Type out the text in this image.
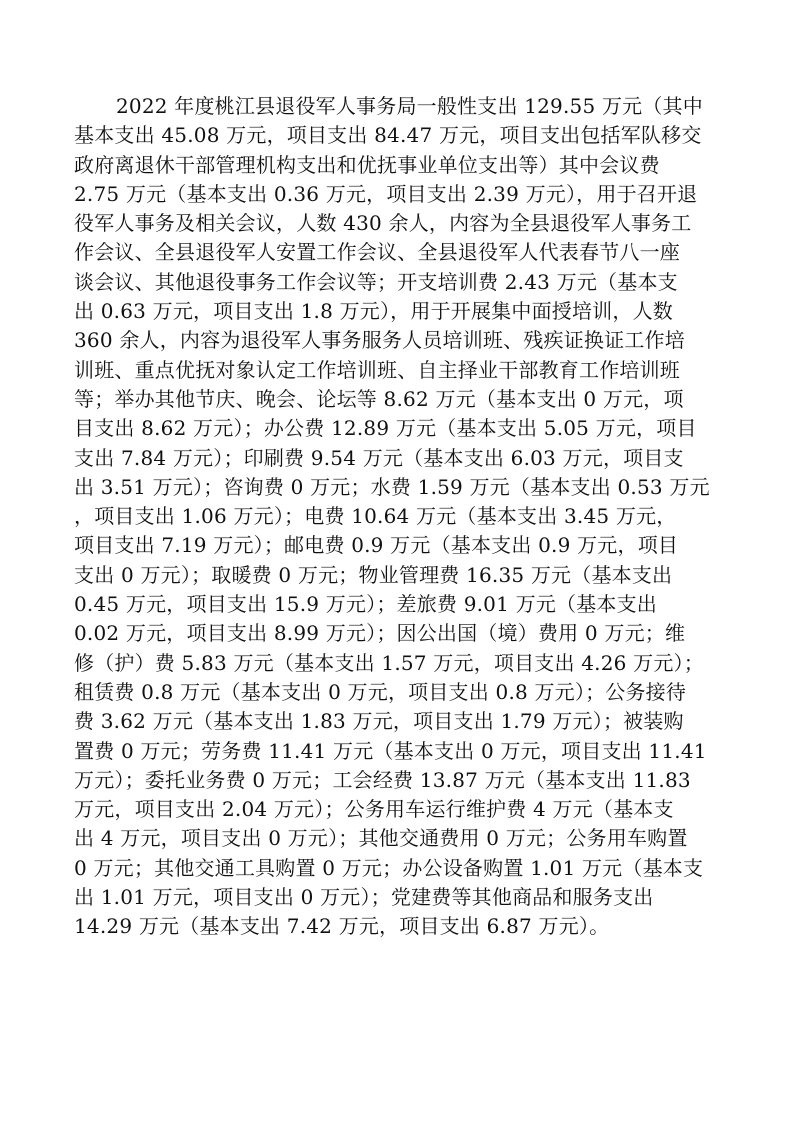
2022 年度桃江县退役军人事务局一般性支出 129.55 万元（其中
基本支出 45.08 万元，项目支出 84.47 万元，项目支出包括军队移交
政府离退休干部管理机构支出和优抚事业单位支出等）其中会议费
2.75 万元（基本支出 0.36 万元，项目支出 2.39 万元），用于召开退
役军人事务及相关会议，人数 430 余人，内容为全县退役军人事务工
作会议、全县退役军人安置工作会议、全县退役军人代表春节八一座
谈会议、其他退役事务工作会议等；开支培训费 2.43 万元（基本支
出 0.63 万元，项目支出 1.8 万元），用于开展集中面授培训，人数
360 余人，内容为退役军人事务服务人员培训班、残疾证换证工作培
训班、重点优抚对象认定工作培训班、自主择业干部教育工作培训班
等；举办其他节庆、晚会、论坛等 8.62 万元（基本支出 0 万元，项
目支出 8.62 万元）；办公费 12.89 万元（基本支出 5.05 万元，项目
支出 7.84 万元）；印刷费 9.54 万元（基本支出 6.03 万元，项目支
出 3.51 万元）；咨询费 0 万元；水费 1.59 万元（基本支出 0.53 万元
，项目支出 1.06 万元）；电费 10.64 万元（基本支出 3.45 万元，
项目支出 7.19 万元）；邮电费 0.9 万元（基本支出 0.9 万元，项目
支出 0 万元）；取暖费 0 万元；物业管理费 16.35 万元（基本支出
0.45 万元，项目支出 15.9 万元）；差旅费 9.01 万元（基本支出
0.02 万元，项目支出 8.99 万元）；因公出国（境）费用 0 万元；维
修（护）费 5.83 万元（基本支出 1.57 万元，项目支出 4.26 万元）；
租赁费 0.8 万元（基本支出 0 万元，项目支出 0.8 万元）；公务接待
费 3.62 万元（基本支出 1.83 万元，项目支出 1.79 万元）；被装购
置费 0 万元；劳务费 11.41 万元（基本支出 0 万元，项目支出 11.41
万元）；委托业务费 0 万元；工会经费 13.87 万元（基本支出 11.83
万元，项目支出 2.04 万元）；公务用车运行维护费 4 万元（基本支
出 4 万元，项目支出 0 万元）；其他交通费用 0 万元；公务用车购置
0 万元；其他交通工具购置 0 万元；办公设备购置 1.01 万元（基本支
出 1.01 万元，项目支出 0 万元）；党建费等其他商品和服务支出
14.29 万元（基本支出 7.42 万元，项目支出 6.87 万元）。
